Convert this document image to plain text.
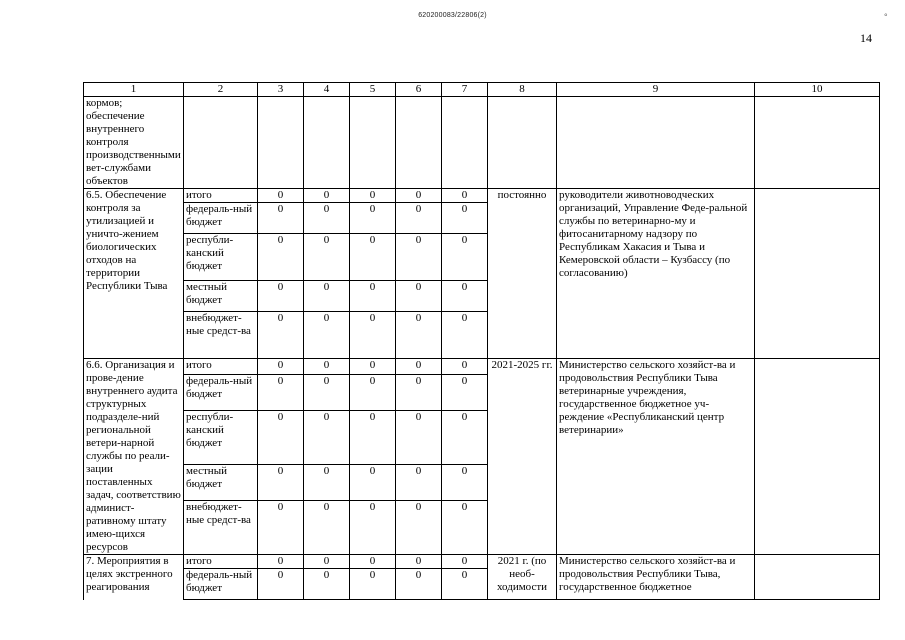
620200083/22806(2)	°
14
1	2	3	4	5	6	7	8	9	10
кормов; обеспечение внутреннего контроля производственными вет-службами объектов									
6.5. Обеспечение контроля за утилизацией и уничто-жением биологических отходов на территории Республики Тыва	итого	0	0	0	0	0	постоянно	руководители животноводческих организаций, Управление Феде-ральной службы по ветеринарно-му и фитосанитарному надзору по Республикам Хакасия и Тыва и Кемеровской области – Кузбассу (по согласованию)	
	федераль-ный бюджет	0	0	0	0	0			
	республи-канский бюджет	0	0	0	0	0			
	местный бюджет	0	0	0	0	0			
	внебюджет-ные средст-ва	0	0	0	0	0			
6.6. Организация и прове-дение внутреннего аудита структурных подразделе-ний региональной ветери-нарной службы по реали-зации поставленных задач, соответствию админист-ративному штату имею-щихся ресурсов	итого	0	0	0	0	0	2021-2025 гг.	Министерство сельского хозяйст-ва и продовольствия Республики Тыва ветеринарные учреждения, государственное бюджетное уч-реждение «Республиканский центр ветеринарии»	
	федераль-ный бюджет	0	0	0	0	0			
	республи-канский бюджет	0	0	0	0	0			
	местный бюджет	0	0	0	0	0			
	внебюджет-ные средст-ва	0	0	0	0	0			
7. Мероприятия в целях экстренного реагирования	итого	0	0	0	0	0	2021 г. (по необ-ходимости	Министерство сельского хозяйст-ва и продовольствия Республики Тыва, государственное бюджетное	
	федераль-ный бюджет	0	0	0	0	0			
